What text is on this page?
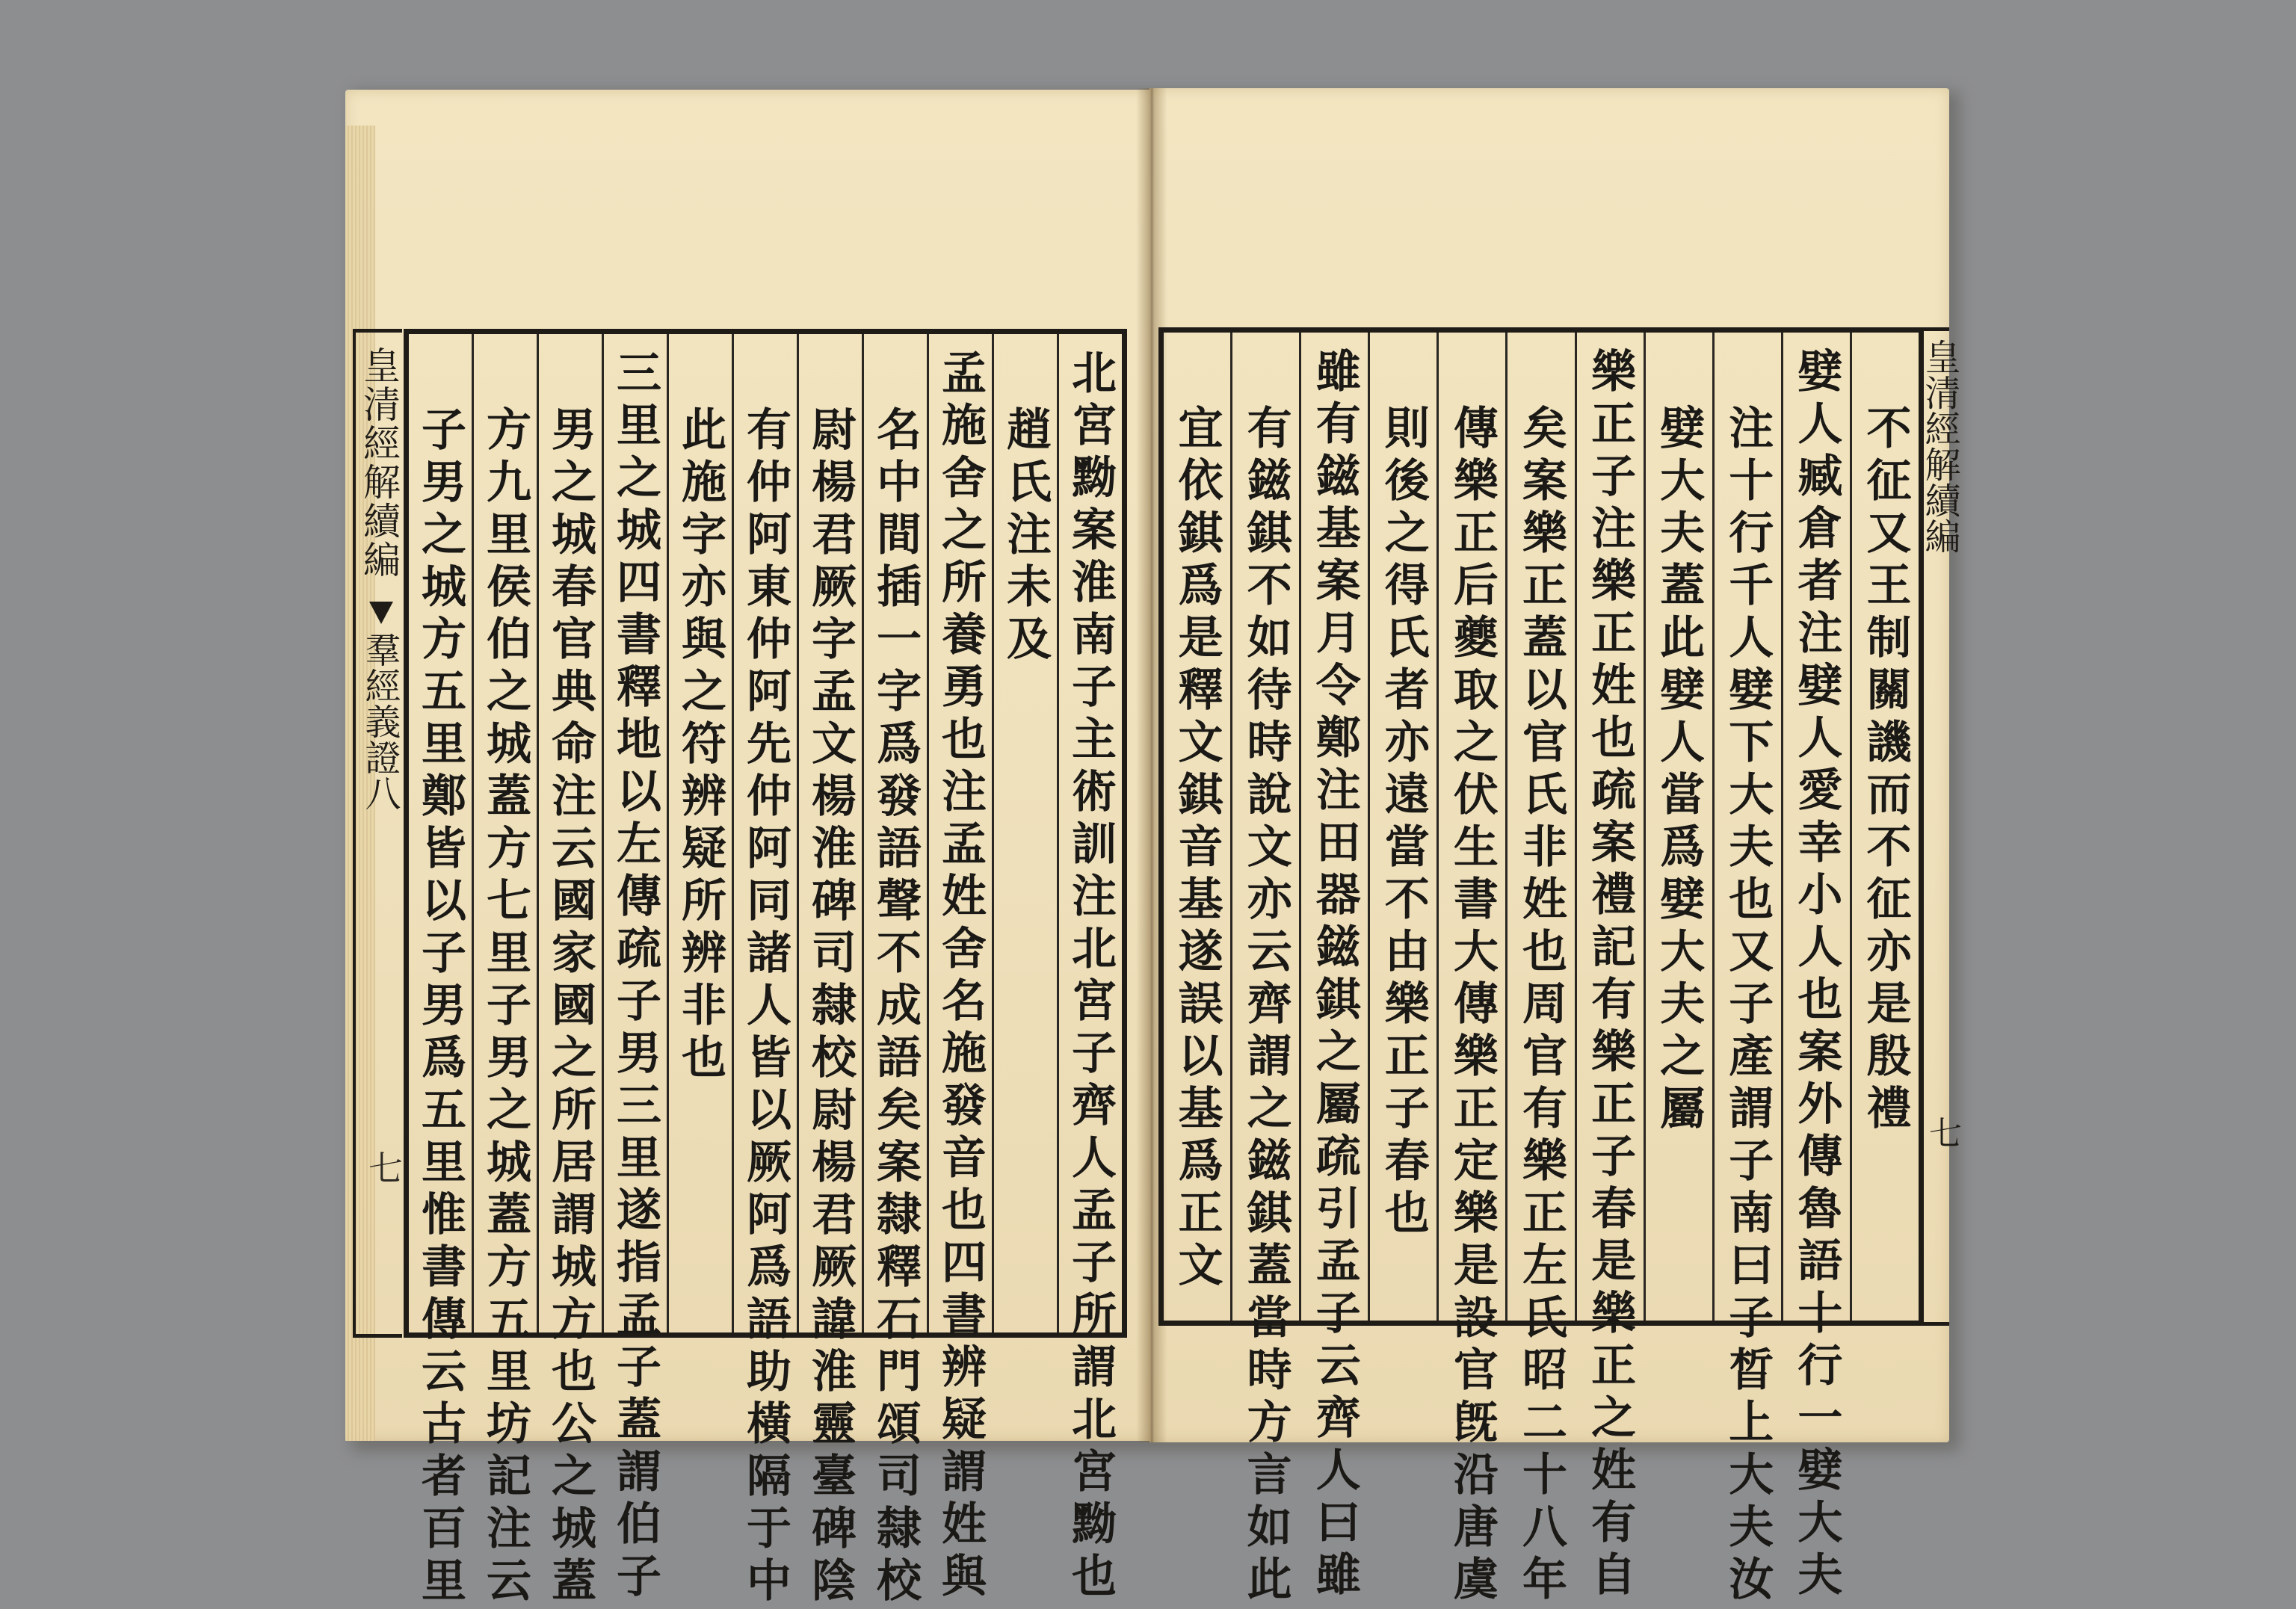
皇清經解續編
羣經義證八
七	北宮黝案淮南子主術訓注北宮子齊人孟子所謂北宮黝也
趙氏注未及
孟施舍之所養勇也注孟姓舍名施發音也四書辨疑謂姓與
名中間插一字爲發語聲不成語矣案隸釋石門頌司隸校
尉楊君厥字孟文楊淮碑司隸校尉楊君厥諱淮靈臺碑陰
有仲阿東仲阿先仲阿同諸人皆以厥阿爲語助橫隔于中
此施字亦與之符辨疑所辨非也
三里之城四書釋地以左傳疏子男三里遂指孟子蓋謂伯子
男之城春官典命注云國家國之所居謂城方也公之城蓋
方九里侯伯之城蓋方七里子男之城蓋方五里坊記注云
子男之城方五里鄭皆以子男爲五里惟書傳云古者百里	不征又王制關譏而不征亦是殷禮
嬖人臧倉者注嬖人愛幸小人也案外傳魯語十行一嬖大夫
注十行千人嬖下大夫也又子產謂子南曰子晳上大夫汝
嬖大夫蓋此嬖人當爲嬖大夫之屬
樂正子注樂正姓也疏案禮記有樂正子春是樂正之姓有自
矣案樂正蓋以官氏非姓也周官有樂正左氏昭二十八年
傳樂正后夔取之伏生書大傳樂正定樂是設官旣沿唐虞
則後之得氏者亦遠當不由樂正子春也
雖有鎡基案月令鄭注田器鎡錤之屬疏引孟子云齊人曰雖
有鎡錤不如待時說文亦云齊謂之鎡錤蓋當時方言如此
宜依錤爲是釋文錤音基遂誤以基爲正文	皇清經解續編
七
